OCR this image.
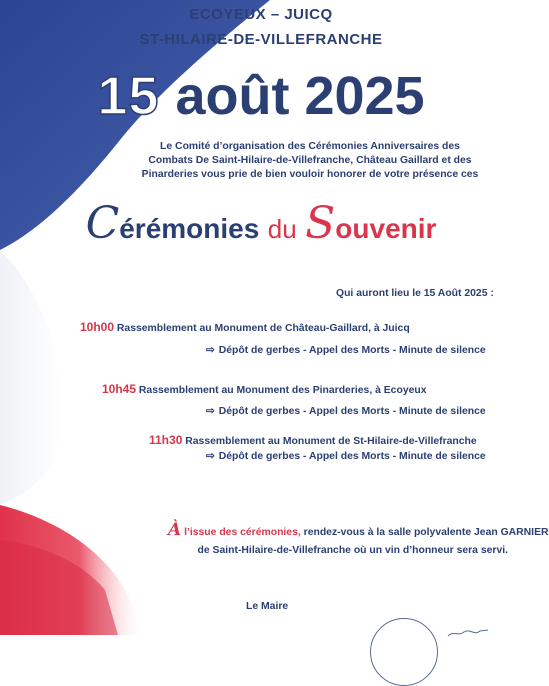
ECOYEUX – JUICQ
ST-HILAIRE-DE-VILLEFRANCHE
15 août 2025
Le Comité d’organisation des Cérémonies Anniversaires des
Combats De Saint-Hilaire-de-Villefranche, Château Gaillard et des
Pinarderies vous prie de bien vouloir honorer de votre présence ces
Cérémonies du Souvenir
Qui auront lieu le 15 Août 2025 :
10h00 Rassemblement au Monument de Château-Gaillard, à Juicq
⇨ Dépôt de gerbes - Appel des Morts - Minute de silence
10h45 Rassemblement au Monument des Pinarderies, à Ecoyeux
⇨ Dépôt de gerbes - Appel des Morts - Minute de silence
11h30 Rassemblement au Monument de St-Hilaire-de-Villefranche
⇨ Dépôt de gerbes - Appel des Morts - Minute de silence
À l’issue des cérémonies, rendez-vous à la salle polyvalente Jean GARNIER
de Saint-Hilaire-de-Villefranche où un vin d’honneur sera servi.
Le Maire
